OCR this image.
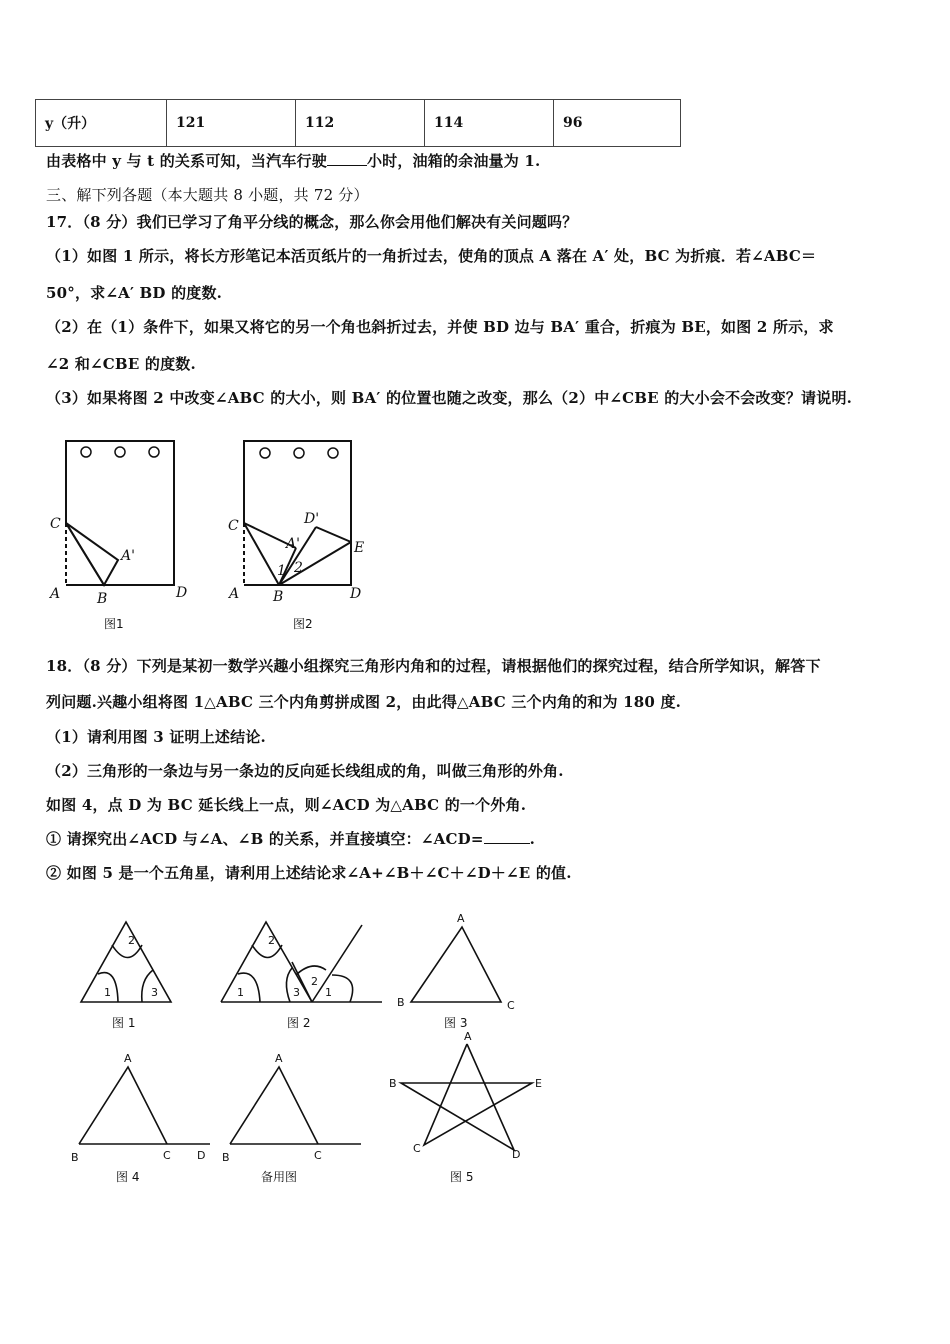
y（升）	121	112	114	96
由表格中 y 与 t 的关系可知，当汽车行驶	小时，油箱的余油量为 1.
三、解下列各题（本大题共 8 小题，共 72 分）
17．（8 分）我们已学习了角平分线的概念，那么你会用他们解决有关问题吗？
（1）如图 1 所示，将长方形笔记本活页纸片的一角折过去，使角的顶点 A 落在 A′ 处，BC 为折痕．若∠ABC＝
50°，求∠A′ BD 的度数.
（2）在（1）条件下，如果又将它的另一个角也斜折过去，并使 BD 边与 BA′ 重合，折痕为 BE，如图 2 所示，求
∠2 和∠CBE 的度数.
（3）如果将图 2 中改变∠ABC 的大小，则 BA′ 的位置也随之改变，那么（2）中∠CBE 的大小会不会改变？请说明.
18．（8 分）下列是某初一数学兴趣小组探究三角形内角和的过程，请根据他们的探究过程，结合所学知识，解答下
列问题.兴趣小组将图 1△ABC 三个内角剪拼成图 2，由此得△ABC 三个内角的和为 180 度.
（1）请利用图 3 证明上述结论.
（2）三角形的一条边与另一条边的反向延长线组成的角，叫做三角形的外角.
如图 4，点 D 为 BC 延长线上一点，则∠ACD 为△ABC 的一个外角.
① 请探究出∠ACD 与∠A、∠B 的关系，并直接填空：∠ACD=	.
② 如图 5 是一个五角星，请利用上述结论求∠A+∠B＋∠C＋∠D＋∠E 的值.
C
A'
A	B	D
图1
C	D'
A'	E
1 2
A B	D
图2
1
2
3
图 1
1
2
3
2
1
图 2
A
B	C
图 3
A
B	C D
图 4
A
B	C
备用图
A
B	E
C	D
图 5
